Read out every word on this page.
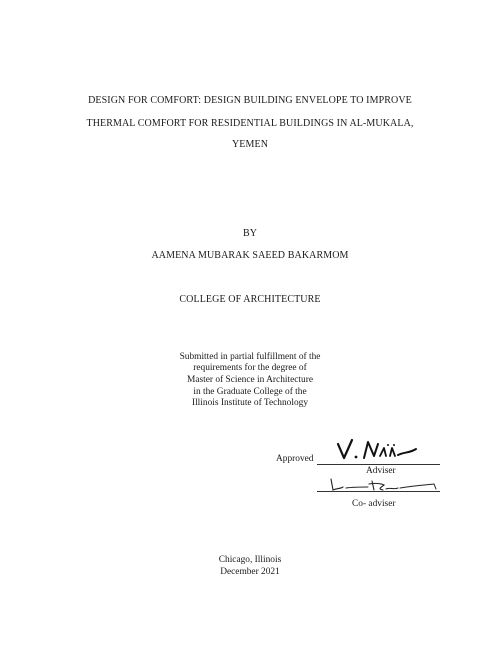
DESIGN FOR COMFORT: DESIGN BUILDING ENVELOPE TO IMPROVE
THERMAL COMFORT FOR RESIDENTIAL BUILDINGS IN AL-MUKALA,
YEMEN
BY
AAMENA MUBARAK SAEED BAKARMOM
COLLEGE OF ARCHITECTURE
Submitted in partial fulfillment of the
requirements for the degree of
Master of Science in Architecture
in the Graduate College of the
Illinois Institute of Technology
Approved
Adviser
Co- adviser
Chicago, Illinois
December 2021
